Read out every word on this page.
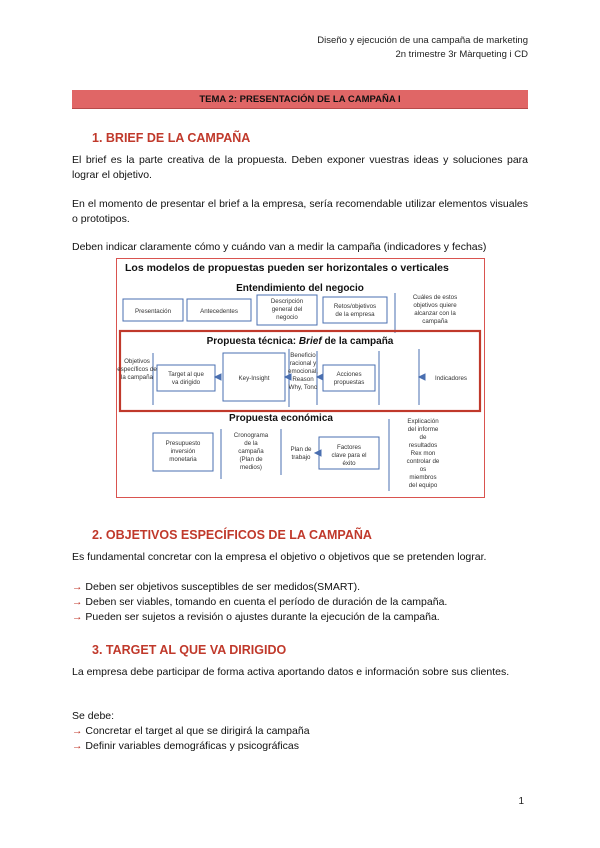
Diseño y ejecución de una campaña de marketing
2n trimestre 3r Màrqueting i CD
TEMA 2: PRESENTACIÓN DE LA CAMPAÑA I
1. BRIEF DE LA CAMPAÑA
El brief es la parte creativa de la propuesta. Deben exponer vuestras ideas y soluciones para lograr el objetivo.
En el momento de presentar el brief a la empresa, sería recomendable utilizar elementos visuales o prototipos.
Deben indicar claramente cómo y cuándo van a medir la campaña (indicadores y fechas)
Los modelos de propuestas pueden ser horizontales o verticales
Entendimiento del negocio
Presentación	Antecedentes
Descripción general del negocio
Retos/objetivos de la empresa
Cuáles de estos objetivos quiere alcanzar con la campaña
Propuesta técnica: Brief de la campaña
Objetivos específicos de la campaña	Target al que va dirigido
Key-Insight
Beneficio racional y emocional, Reason Why, Tono
Acciones propuestas
Indicadores
Propuesta económica
Presupuesto inversión monetaria
Cronograma de la campaña (Plan de medios)
Plan de trabajo
Factores clave para el éxito
Explicación del informe de resultados Rex mon controlar de os miembros del equipo
2. OBJETIVOS ESPECÍFICOS DE LA CAMPAÑA
Es fundamental concretar con la empresa el objetivo o objetivos que se pretenden lograr.
→ Deben ser objetivos susceptibles de ser medidos(SMART).
→ Deben ser viables, tomando en cuenta el período de duración de la campaña.
→ Pueden ser sujetos a revisión o ajustes durante la ejecución de la campaña.
3. TARGET AL QUE VA DIRIGIDO
La empresa debe participar de forma activa aportando datos e información sobre sus clientes.
Se debe:
→ Concretar el target al que se dirigirá la campaña
→ Definir variables demográficas y psicográficas
1
